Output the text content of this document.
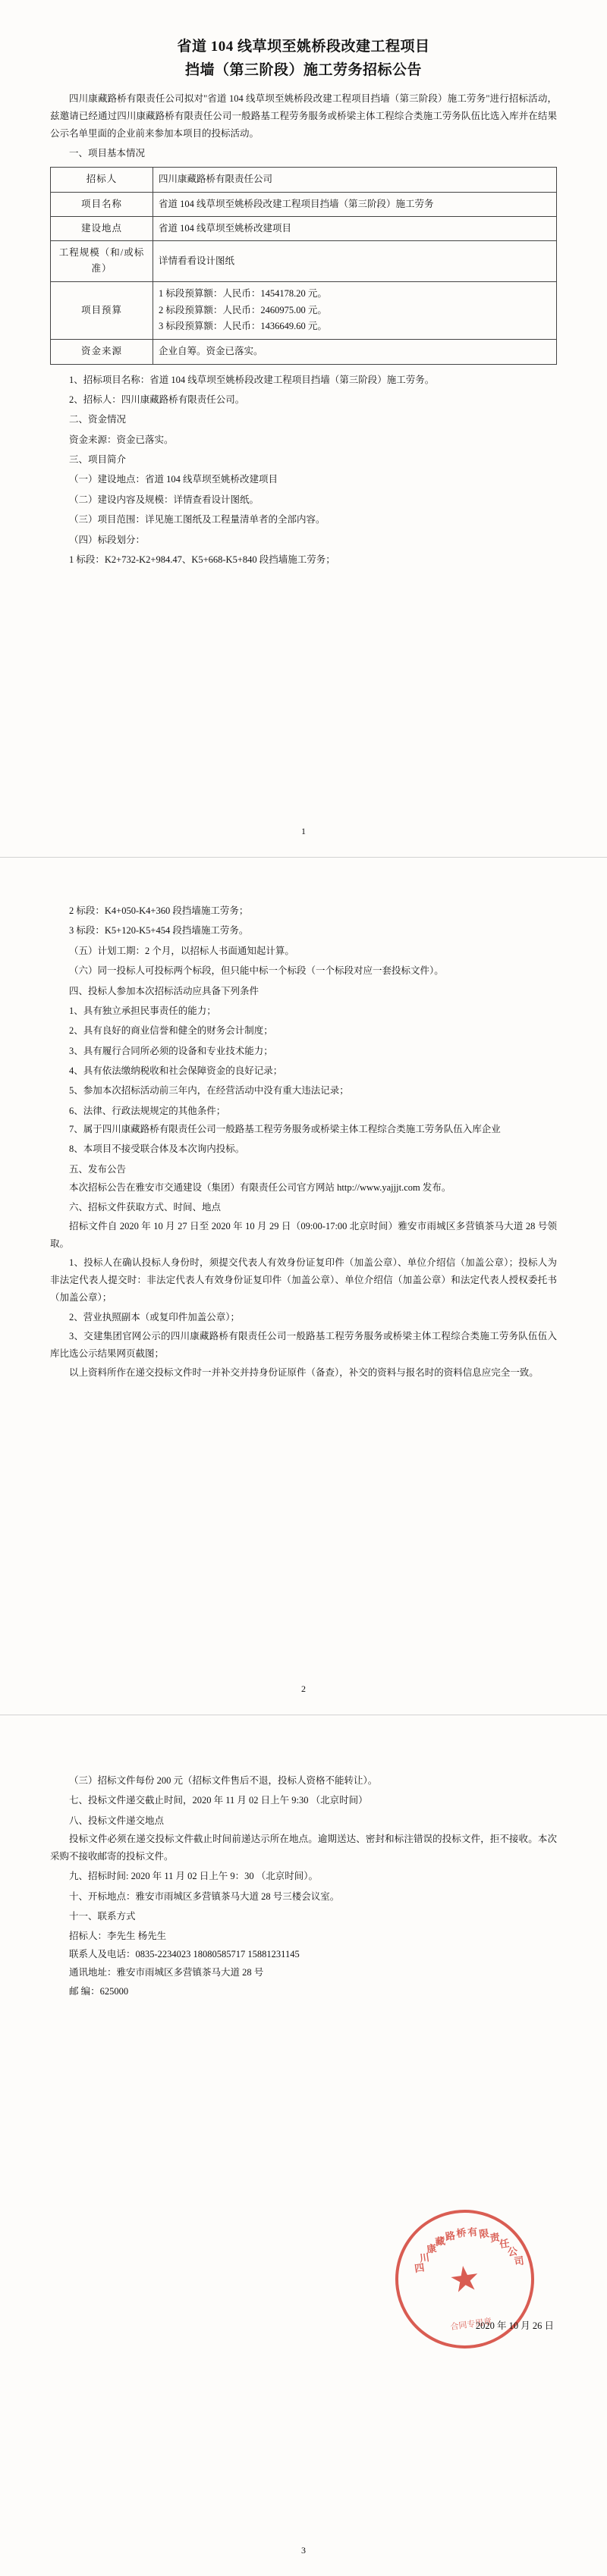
省道 104 线草坝至姚桥段改建工程项目
挡墙（第三阶段）施工劳务招标公告

四川康藏路桥有限责任公司拟对"省道 104 线草坝至姚桥段改建工程项目挡墙（第三阶段）施工劳务"进行招标活动，兹邀请已经通过四川康藏路桥有限责任公司一般路基工程劳务服务或桥梁主体工程综合类施工劳务队伍比选入库并在结果公示名单里面的企业前来参加本项目的投标活动。

一、项目基本情况

招标人	四川康藏路桥有限责任公司
项目名称	省道 104 线草坝至姚桥段改建工程项目挡墙（第三阶段）施工劳务
建设地点	省道 104 线草坝至姚桥改建项目
工程规模（和/或标准）	详情看看设计图纸
项目预算	1 标段预算额：人民币：1454178.20 元。
2 标段预算额：人民币：2460975.00 元。
3 标段预算额：人民币：1436649.60 元。

资金来源	企业自筹。资金已落实。

1、招标项目名称：省道 104 线草坝至姚桥段改建工程项目挡墙（第三阶段）施工劳务。

2、招标人：四川康藏路桥有限责任公司。

二、资金情况

资金来源：资金已落实。

三、项目简介

（一）建设地点：省道 104 线草坝至姚桥改建项目

（二）建设内容及规模：详情查看设计图纸。

（三）项目范围：详见施工图纸及工程量清单者的全部内容。

（四）标段划分：

1 标段：K2+732-K2+984.47、K5+668-K5+840 段挡墙施工劳务；

1

2 标段：K4+050-K4+360 段挡墙施工劳务；

3 标段：K5+120-K5+454 段挡墙施工劳务。

（五）计划工期：2 个月，以招标人书面通知起计算。

（六）同一投标人可投标两个标段，但只能中标一个标段（一个标段对应一套投标文件）。

四、投标人参加本次招标活动应具备下列条件

1、具有独立承担民事责任的能力；

2、具有良好的商业信誉和健全的财务会计制度；

3、具有履行合同所必须的设备和专业技术能力；

4、具有依法缴纳税收和社会保障资金的良好记录；

5、参加本次招标活动前三年内，在经营活动中没有重大违法记录；

6、法律、行政法规规定的其他条件；

7、属于四川康藏路桥有限责任公司一般路基工程劳务服务或桥梁主体工程综合类施工劳务队伍入库企业

8、本项目不接受联合体及本次询内投标。

五、发布公告

本次招标公告在雅安市交通建设（集团）有限责任公司官方网站 http://www.yajjjt.com 发布。

六、招标文件获取方式、时间、地点

招标文件自 2020 年 10 月 27 日至 2020 年 10 月 29 日（09:00-17:00 北京时间）雅安市雨城区多营镇茶马大道 28 号领取。

1、投标人在确认投标人身份时，须提交代表人有效身份证复印件（加盖公章）、单位介绍信（加盖公章）；投标人为非法定代表人提交时：非法定代表人有效身份证复印件（加盖公章）、单位介绍信（加盖公章）和法定代表人授权委托书（加盖公章）；

2、营业执照副本（或复印件加盖公章）；

3、交建集团官网公示的四川康藏路桥有限责任公司一般路基工程劳务服务或桥梁主体工程综合类施工劳务队伍伍入库比选公示结果网页截图；

以上资料所作在递交投标文件时一并补交并持身份证原件（备查），补交的资料与报名时的资料信息应完全一致。

2

（三）招标文件每份 200 元（招标文件售后不退，投标人资格不能转让）。

七、投标文件递交截止时间，2020 年 11 月 02 日上午 9:30 （北京时间）

八、投标文件递交地点

投标文件必须在递交投标文件截止时间前递达示所在地点。逾期送达、密封和标注错误的投标文件，拒不接收。本次采购不接收邮寄的投标文件。

九、招标时间: 2020 年 11 月 02 日上午 9：30 （北京时间）。

十、开标地点：雅安市雨城区多营镇茶马大道 28 号三楼会议室。

十一、联系方式

招标人：李先生 杨先生

联系人及电话：0835-2234023 18080585717 15881231145

通讯地址：雅安市雨城区多营镇茶马大道 28 号

邮 编：625000

四
川
康
藏
路
桥 有
限
责
任
公
司
★
合同专用章
2020 年 10 月 26 日
3
